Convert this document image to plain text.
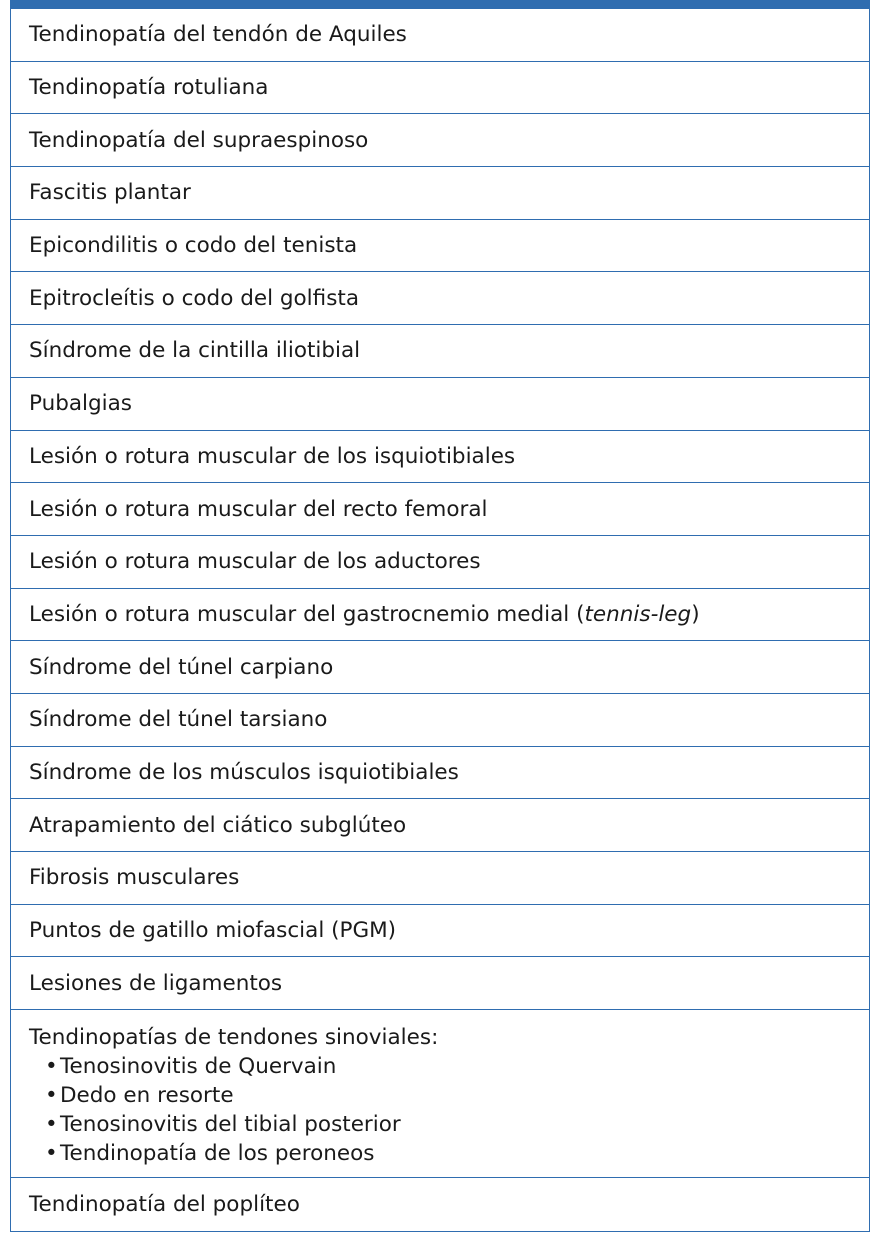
Tendinopatía del tendón de Aquiles
Tendinopatía rotuliana
Tendinopatía del supraespinoso
Fascitis plantar
Epicondilitis o codo del tenista
Epitrocleítis o codo del golfista
Síndrome de la cintilla iliotibial
Pubalgias
Lesión o rotura muscular de los isquiotibiales
Lesión o rotura muscular del recto femoral
Lesión o rotura muscular de los aductores
Lesión o rotura muscular del gastrocnemio medial (tennis-leg)
Síndrome del túnel carpiano
Síndrome del túnel tarsiano
Síndrome de los músculos isquiotibiales
Atrapamiento del ciático subglúteo
Fibrosis musculares
Puntos de gatillo miofascial (PGM)
Lesiones de ligamentos
Tendinopatías de tendones sinoviales:
• Tenosinovitis de Quervain
• Dedo en resorte
• Tenosinovitis del tibial posterior
• Tendinopatía de los peroneos
Tendinopatía del poplíteo
